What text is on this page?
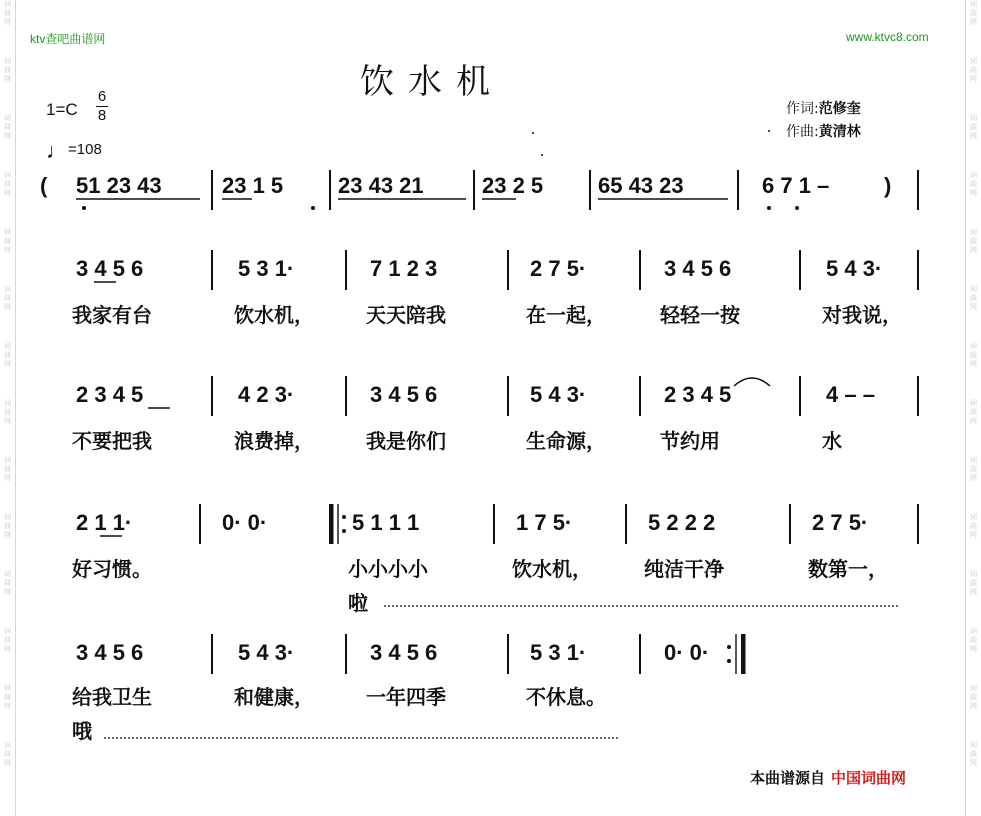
词
曲
网
词
曲
网
词
曲
网
词
曲
网
词
曲
网
词
曲
网
词
曲
网
词
曲
网
词
曲
网
词
曲
网
词
曲
网
词
曲
网
词
曲
网
词
曲
网
词
曲
网
词
曲
网
词
曲
网
词
曲
网
词
曲
网
词
曲
网
词
曲
网
词
曲
网
词
曲
网
词
曲
网
词
曲
网
词
曲
网
词
曲
网
词
曲
网
ktv查吧曲谱网	www.ktvc8.com
饮水机
$1=C \frac{6}{8}$
♩=108
作词:范修奎
作曲:黄清林
( 51 23 43	23 1 5 23 43 21	23 2 5 65 43 23	6 7 1 – )
3 4 5 6	5 3 1·	7 1 2 3	2 7 5·	3 4 5 6	5 4 3·
我家有台	饮水机，	天天陪我	在一起，	轻轻一按	对我说，
2 3 4 5	4 2 3·	3 4 5 6	5 4 3·	2 3 4 5	4 – –
不要把我	浪费掉，	我是你们	生命源，	节约用	水
2 1 1·	0· 0·	5 1 1 1	1 7 5·	5 2 2 2	2 7 5·
好习惯。	小小小小	饮水机，	纯洁干净	数第一，
啦
3 4 5 6	5 4 3·	3 4 5 6	5 3 1·	0· 0·
给我卫生	和健康，	一年四季	不休息。
哦
本曲谱源自 中国词曲网
